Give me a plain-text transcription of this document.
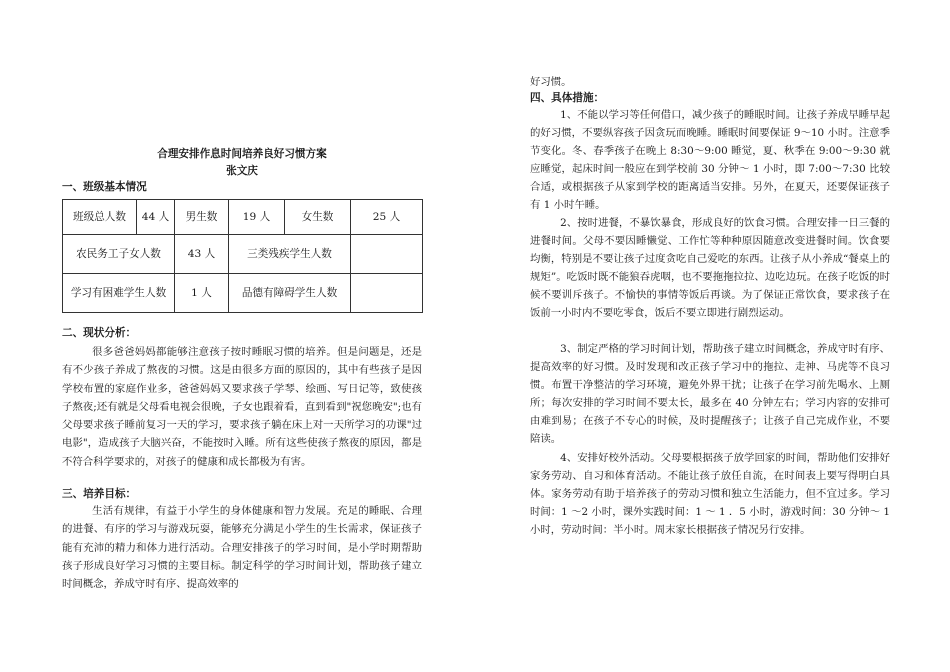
合理安排作息时间培养良好习惯方案
张文庆
一、班级基本情况
班级总人数	44 人	男生数	19 人	女生数	25 人
农民务工子女人数		43 人	三类残疾学生人数		
学习有困难学生人数		1 人	品德有障碍学生人数		
二、现状分析：

很多爸爸妈妈都能够注意孩子按时睡眠习惯的培养。但是问题是，还是有不少孩子养成了熬夜的习惯。这是由很多方面的原因的，其中有些孩子是因学校布置的家庭作业多，爸爸妈妈又要求孩子学琴、绘画、写日记等，致使孩子熬夜;还有就是父母看电视会很晚，子女也跟着看，直到看到"祝您晚安";也有父母要求孩子睡前复习一天的学习，要求孩子躺在床上对一天所学习的功课"过电影"，造成孩子大脑兴奋，不能按时入睡。所有这些使孩子熬夜的原因，都是不符合科学要求的，对孩子的健康和成长都极为有害。

三、培养目标：

生活有规律，有益于小学生的身体健康和智力发展。充足的睡眠、合理的进餐、有序的学习与游戏玩耍，能够充分满足小学生的生长需求，保证孩子能有充沛的精力和体力进行活动。合理安排孩子的学习时间，是小学时期帮助孩子形成良好学习习惯的主要目标。制定科学的学习时间计划，帮助孩子建立时间概念，养成守时有序、提高效率的

好习惯。

四、具体措施：

1、不能以学习等任何借口，减少孩子的睡眠时间。让孩子养成早睡早起的好习惯，不要纵容孩子因贪玩而晚睡。睡眠时间要保证 9～10 小时。注意季节变化。冬、春季孩子在晚上 8:30～9:00 睡觉，夏、秋季在 9:00～9:30 就应睡觉，起床时间一般应在到学校前 30 分钟～ 1 小时，即 7:00～7:30 比较合适，或根据孩子从家到学校的距离适当安排。另外，在夏天，还要保证孩子有 1 小时午睡。

2、按时进餐，不暴饮暴食，形成良好的饮食习惯。合理安排一日三餐的进餐时间。父母不要因睡懒觉、工作忙等种种原因随意改变进餐时间。饮食要均衡，特别是不要让孩子过度贪吃自己爱吃的东西。让孩子从小养成“餐桌上的规矩”。吃饭时既不能狼吞虎咽，也不要拖拖拉拉、边吃边玩。在孩子吃饭的时候不要训斥孩子。不愉快的事情等饭后再谈。为了保证正常饮食，要求孩子在饭前一小时内不要吃零食，饭后不要立即进行剧烈运动。

3、制定严格的学习时间计划，帮助孩子建立时间概念，养成守时有序、提高效率的好习惯。及时发现和改正孩子学习中的拖拉、走神、马虎等不良习惯。布置干净整洁的学习环境，避免外界干扰；让孩子在学习前先喝水、上厕所；每次安排的学习时间不要太长，最多在 40 分钟左右；学习内容的安排可由难到易；在孩子不专心的时候，及时提醒孩子；让孩子自己完成作业，不要陪读。

4、安排好校外活动。父母要根据孩子放学回家的时间，帮助他们安排好家务劳动、自习和体育活动。不能让孩子放任自流，在时间表上要写得明白具体。家务劳动有助于培养孩子的劳动习惯和独立生活能力，但不宜过多。学习时间：1 ～2 小时，课外实践时间：1 ～ 1 ．5 小时，游戏时间：30 分钟～ 1 小时，劳动时间：半小时。周末家长根据孩子情况另行安排。
